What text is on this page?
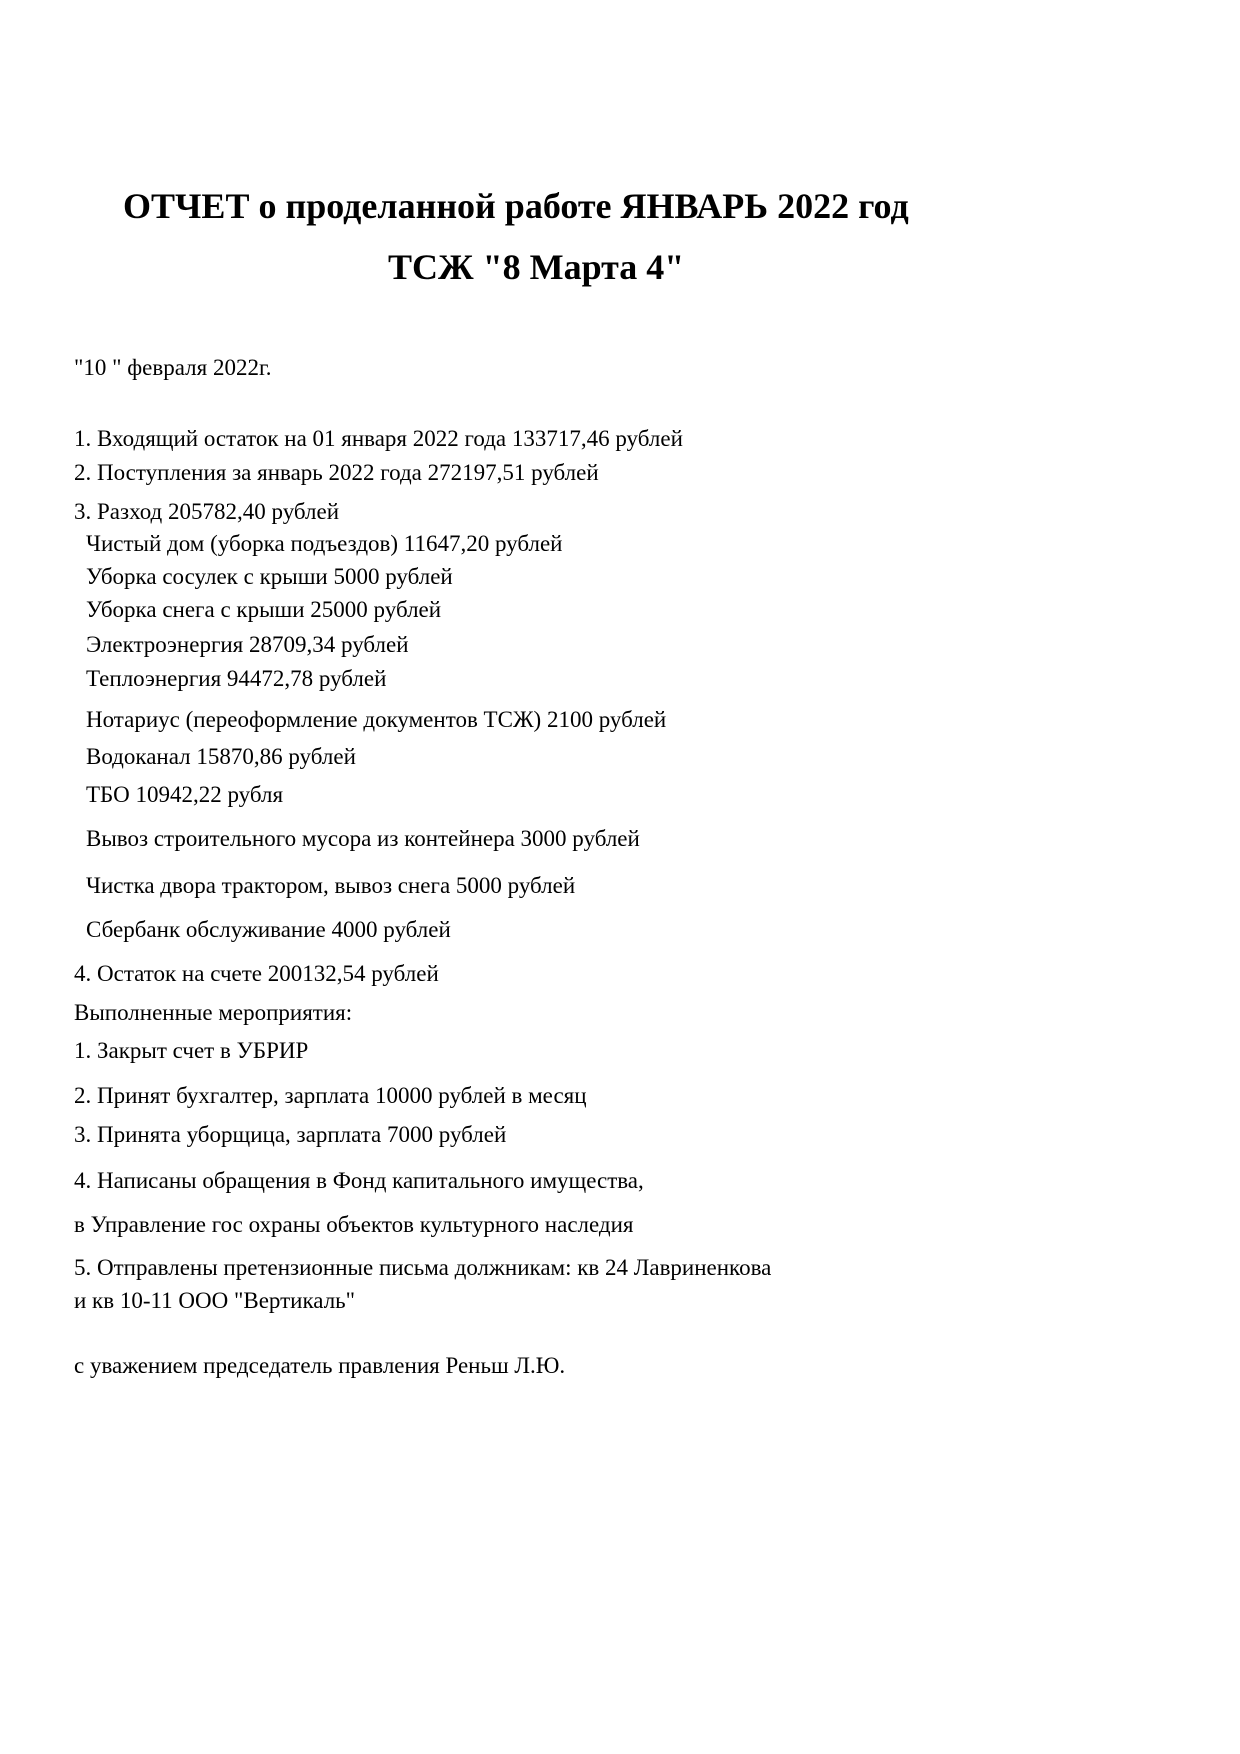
ОТЧЕТ о проделанной работе ЯНВАРЬ 2022 год
ТСЖ "8 Марта 4"
"10 " февраля 2022г.
1. Входящий остаток на 01 января 2022 года 133717,46 рублей
2. Поступления за январь 2022 года 272197,51 рублей
3. Разход 205782,40 рублей
Чистый дом (уборка подъездов) 11647,20 рублей
Уборка сосулек с крыши 5000 рублей
Уборка снега с крыши 25000 рублей
Электроэнергия 28709,34 рублей
Теплоэнергия 94472,78 рублей
Нотариус (переоформление документов ТСЖ) 2100 рублей
Водоканал 15870,86 рублей
ТБО 10942,22 рубля
Вывоз строительного мусора из контейнера 3000 рублей
Чистка двора трактором, вывоз снега 5000 рублей
Сбербанк обслуживание 4000 рублей
4. Остаток на счете 200132,54 рублей
Выполненные мероприятия:
1. Закрыт счет в УБРИР
2. Принят бухгалтер, зарплата 10000 рублей в месяц
3. Принята уборщица, зарплата 7000 рублей
4. Написаны обращения в Фонд капитального имущества,
в Управление гос охраны объектов культурного наследия
5. Отправлены претензионные письма должникам: кв 24 Лавриненкова
и кв 10-11 ООО "Вертикаль"
с уважением председатель правления Реньш Л.Ю.
